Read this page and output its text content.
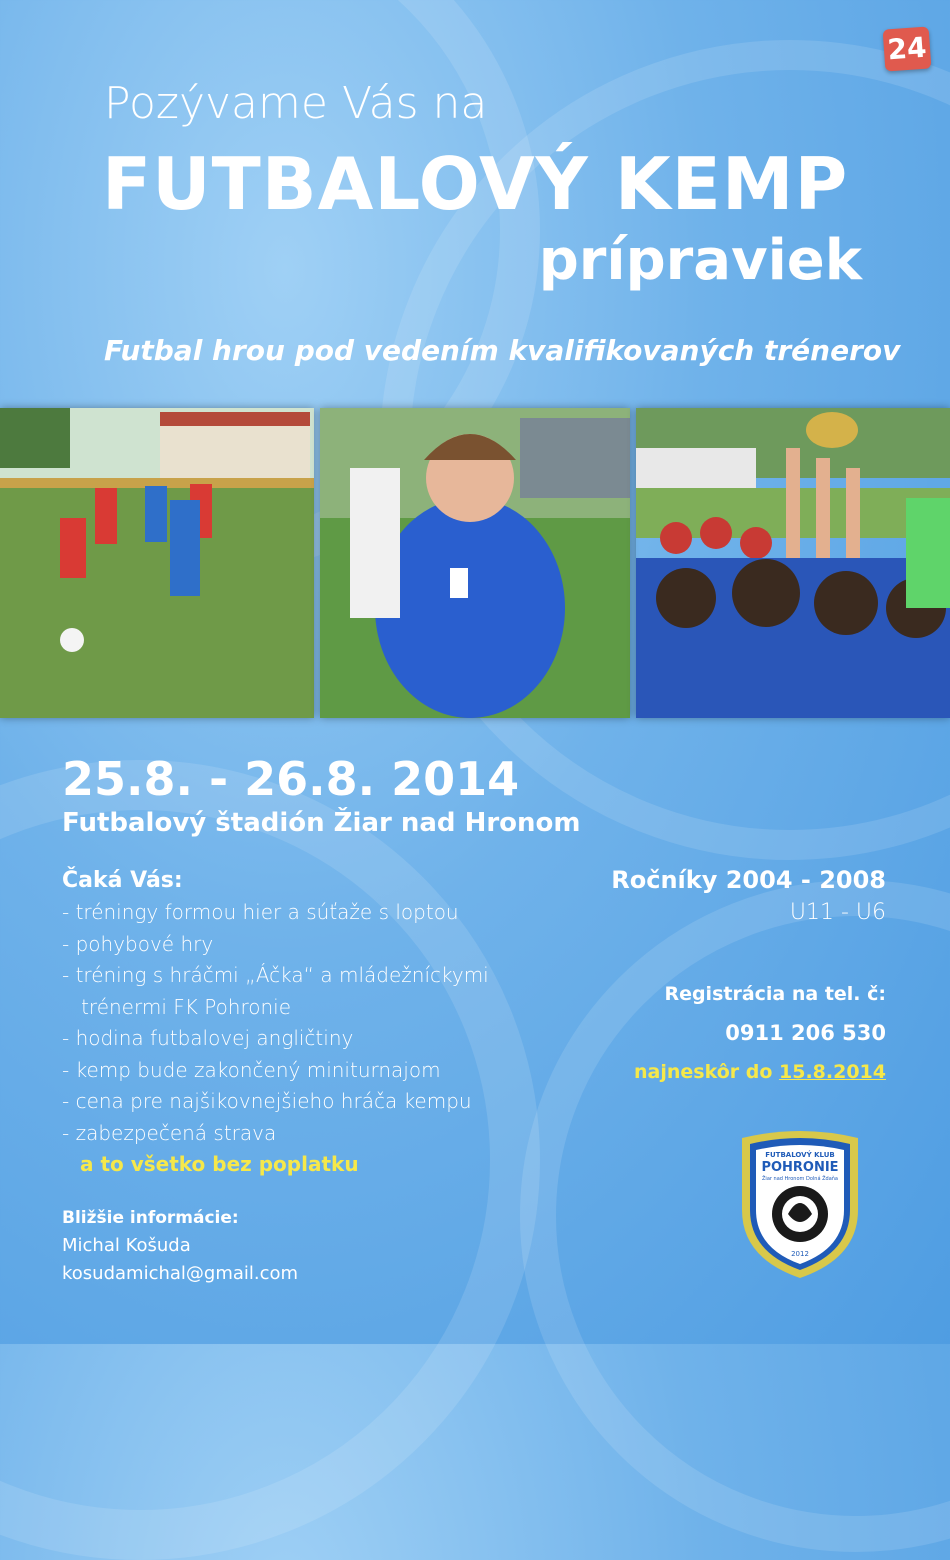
24
Pozývame Vás na
FUTBALOVÝ KEMP
prípraviek
Futbal hrou pod vedením kvalifikovaných trénerov
25.8. - 26.8. 2014
Futbalový štadión Žiar nad Hronom
Čaká Vás:
- tréningy formou hier a súťaže s loptou
- pohybové hry
- tréning s hráčmi „Áčka“ a mládežníckymi
trénermi FK Pohronie
- hodina futbalovej angličtiny
- kemp bude zakončený miniturnajom
- cena pre najšikovnejšieho hráča kempu
- zabezpečená strava
a to všetko bez poplatku
Bližšie informácie:
Michal Košuda
kosudamichal@gmail.com
Ročníky 2004 - 2008
U11 - U6
Registrácia na tel. č:
0911 206 530
najneskôr do 15.8.2014
FUTBALOVÝ KLUB
POHRONIE
Žiar nad Hronom Dolná Ždaňa
2012
